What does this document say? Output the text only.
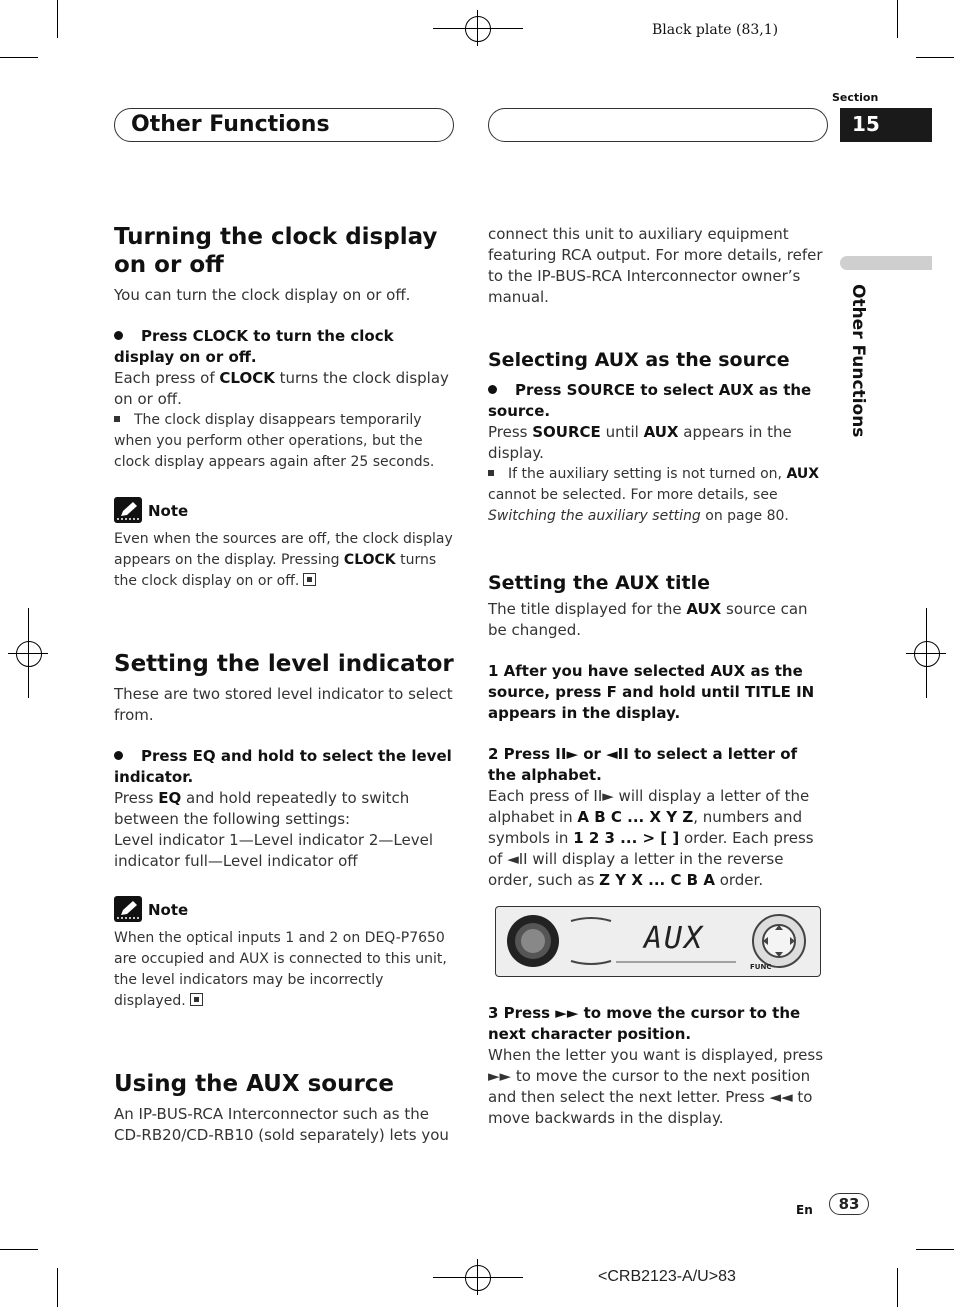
Black plate (83,1)
Other Functions
Section
15
Other Functions
Turning the clock display on or off

You can turn the clock display on or off.

Press CLOCK to turn the clock display on or off.

Each press of CLOCK turns the clock display on or off.

The clock display disappears temporarily when you perform other operations, but the clock display appears again after 25 seconds.

Note

Even when the sources are off, the clock display appears on the display. Pressing CLOCK turns the clock display on or off.

Setting the level indicator

These are two stored level indicator to select from.

Press EQ and hold to select the level indicator.

Press EQ and hold repeatedly to switch between the following settings:

Level indicator 1—Level indicator 2—Level indicator full—Level indicator off

Note

When the optical inputs 1 and 2 on DEQ-P7650 are occupied and AUX is connected to this unit, the level indicators may be incorrectly displayed.

Using the AUX source

An IP-BUS-RCA Interconnector such as the CD-RB20/CD-RB10 (sold separately) lets you

connect this unit to auxiliary equipment featuring RCA output. For more details, refer to the IP-BUS-RCA Interconnector owner’s manual.

Selecting AUX as the source

Press SOURCE to select AUX as the source.

Press SOURCE until AUX appears in the display.

If the auxiliary setting is not turned on, AUX cannot be selected. For more details, see Switching the auxiliary setting on page 80.

Setting the AUX title

The title displayed for the AUX source can be changed.

1 After you have selected AUX as the source, press F and hold until TITLE IN appears in the display.

2 Press ⅠⅠ► or ◄ⅠⅠ to select a letter of the alphabet.

Each press of ⅠⅠ► will display a letter of the alphabet in A B C ... X Y Z, numbers and symbols in 1 2 3 ... > [ ] order. Each press of ◄ⅠⅠ will display a letter in the reverse order, such as Z Y X ... C B A order.

AUX
FUNC

3 Press ►► to move the cursor to the next character position.

When the letter you want is displayed, press ►► to move the cursor to the next position and then select the next letter. Press ◄◄ to move backwards in the display.

En	83
<CRB2123-A/U>83
